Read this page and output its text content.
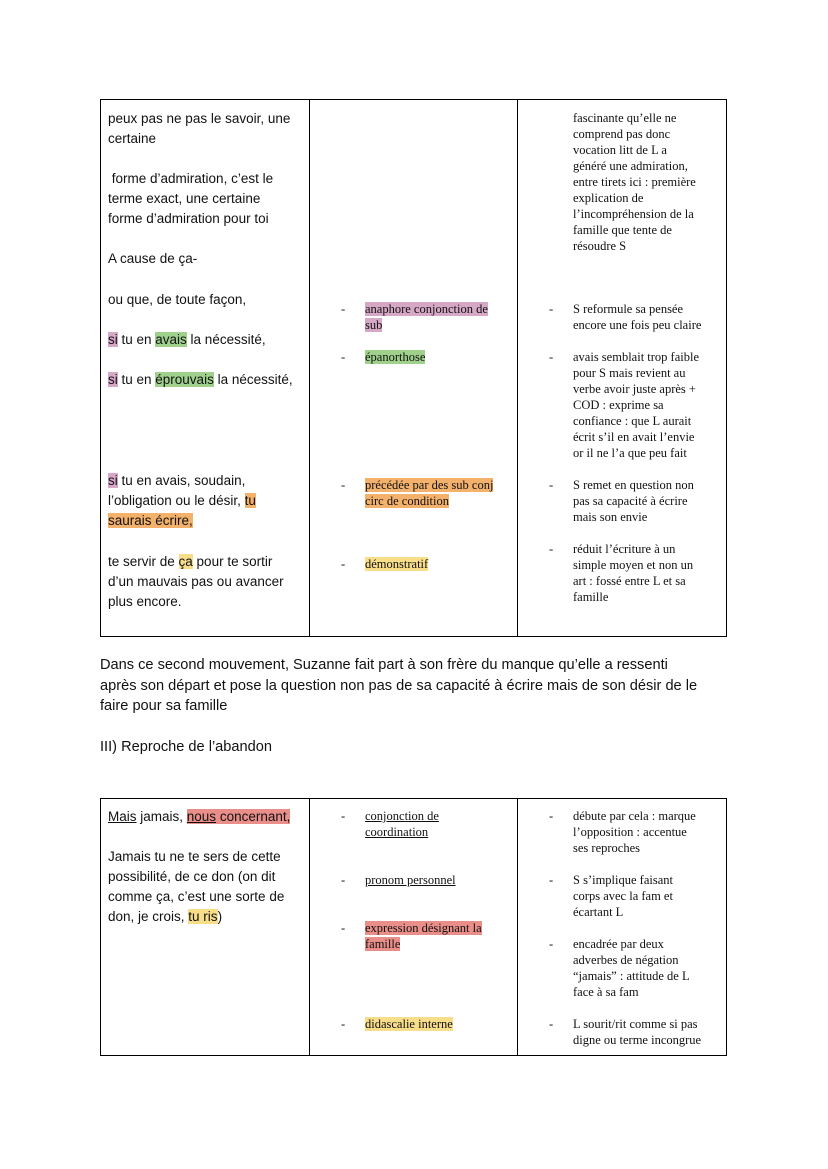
peux pas ne pas le savoir, une
certaine
forme d’admiration, c’est le
terme exact, une certaine
forme d’admiration pour toi
A cause de ça-
ou que, de toute façon,
si tu en avais la nécessité,
si tu en éprouvais la nécessité,
si tu en avais, soudain,
l’obligation ou le désir, tu
saurais écrire,
te servir de ça pour te sortir
d’un mauvais pas ou avancer
plus encore.
- anaphore conjonction de
sub
- épanorthose
- précédée par des sub conj
circ de condition
- démonstratif
fascinante qu’elle ne
comprend pas donc
vocation litt de L a
généré une admiration,
entre tirets ici : première
explication de
l’incompréhension de la
famille que tente de
résoudre S
- S reformule sa pensée
encore une fois peu claire
- avais semblait trop faible
pour S mais revient au
verbe avoir juste après +
COD : exprime sa
confiance : que L aurait
écrit s’il en avait l’envie
or il ne l’a que peu fait
- S remet en question non
pas sa capacité à écrire
mais son envie
- réduit l’écriture à un
simple moyen et non un
art : fossé entre L et sa
famille
Dans ce second mouvement, Suzanne fait part à son frère du manque qu’elle a ressenti
après son départ et pose la question non pas de sa capacité à écrire mais de son désir de le
faire pour sa famille
III) Reproche de l’abandon
Mais jamais, nous concernant,
Jamais tu ne te sers de cette
possibilité, de ce don (on dit
comme ça, c’est une sorte de
don, je crois, tu ris)
- conjonction de
coordination
- pronom personnel
- expression désignant la
famille
- didascalie interne
- débute par cela : marque
l’opposition : accentue
ses reproches
- S s’implique faisant
corps avec la fam et
écartant L
- encadrée par deux
adverbes de négation
“jamais” : attitude de L
face à sa fam
- L sourit/rit comme si pas
digne ou terme incongrue
